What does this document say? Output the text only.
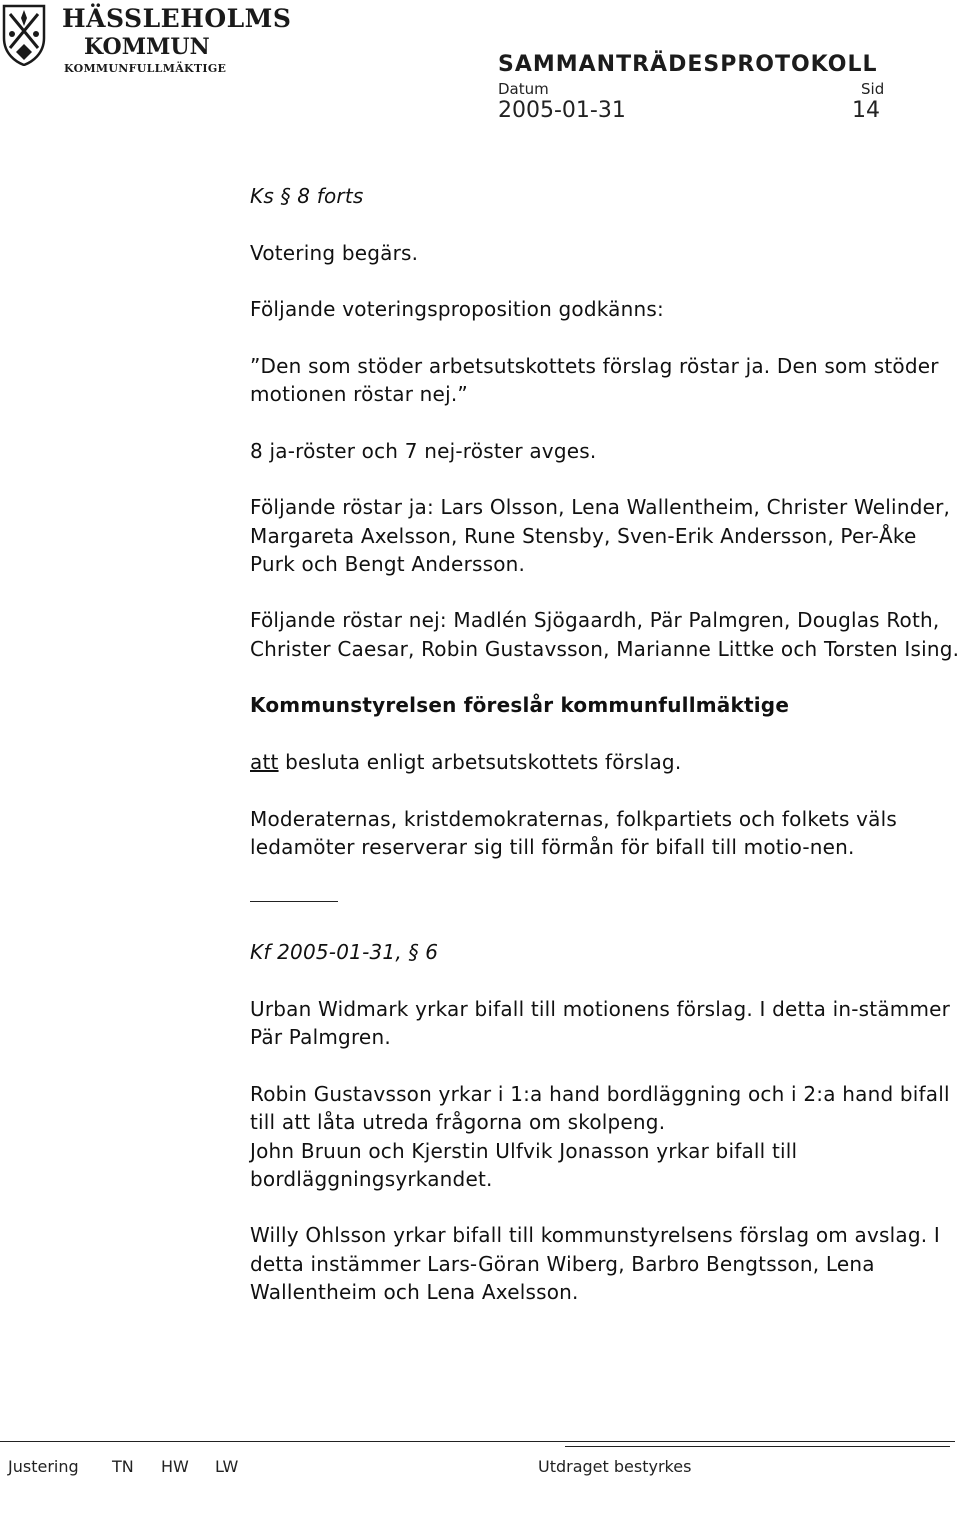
HÄSSLEHOLMS
KOMMUN
KOMMUNFULLMÄKTIGE	SAMMANTRÄDESPROTOKOLL
Datum	Sid
2005-01-31	14

Ks § 8 forts

Votering begärs.

Följande voteringsproposition godkänns:

”Den som stöder arbetsutskottets förslag röstar ja. Den som stöder motionen röstar nej.”

8 ja-röster och 7 nej-röster avges.

Följande röstar ja: Lars Olsson, Lena Wallentheim, Christer Welinder, Margareta Axelsson, Rune Stensby, Sven-Erik Andersson, Per-Åke Purk och Bengt Andersson.

Följande röstar nej: Madlén Sjögaardh, Pär Palmgren, Douglas Roth, Christer Caesar, Robin Gustavsson, Marianne Littke och Torsten Ising.

Kommunstyrelsen föreslår kommunfullmäktige

att besluta enligt arbetsutskottets förslag.

Moderaternas, kristdemokraternas, folkpartiets och folkets väls ledamöter reserverar sig till förmån för bifall till motio-nen.

Kf 2005-01-31, § 6

Urban Widmark yrkar bifall till motionens förslag. I detta in-stämmer Pär Palmgren.

Robin Gustavsson yrkar i 1:a hand bordläggning och i 2:a hand bifall till att låta utreda frågorna om skolpeng.

John Bruun och Kjerstin Ulfvik Jonasson yrkar bifall till bordläggningsyrkandet.

Willy Ohlsson yrkar bifall till kommunstyrelsens förslag om avslag. I detta instämmer Lars-Göran Wiberg, Barbro Bengtsson, Lena Wallentheim och Lena Axelsson.

Justering TN HW LW	Utdraget bestyrkes
